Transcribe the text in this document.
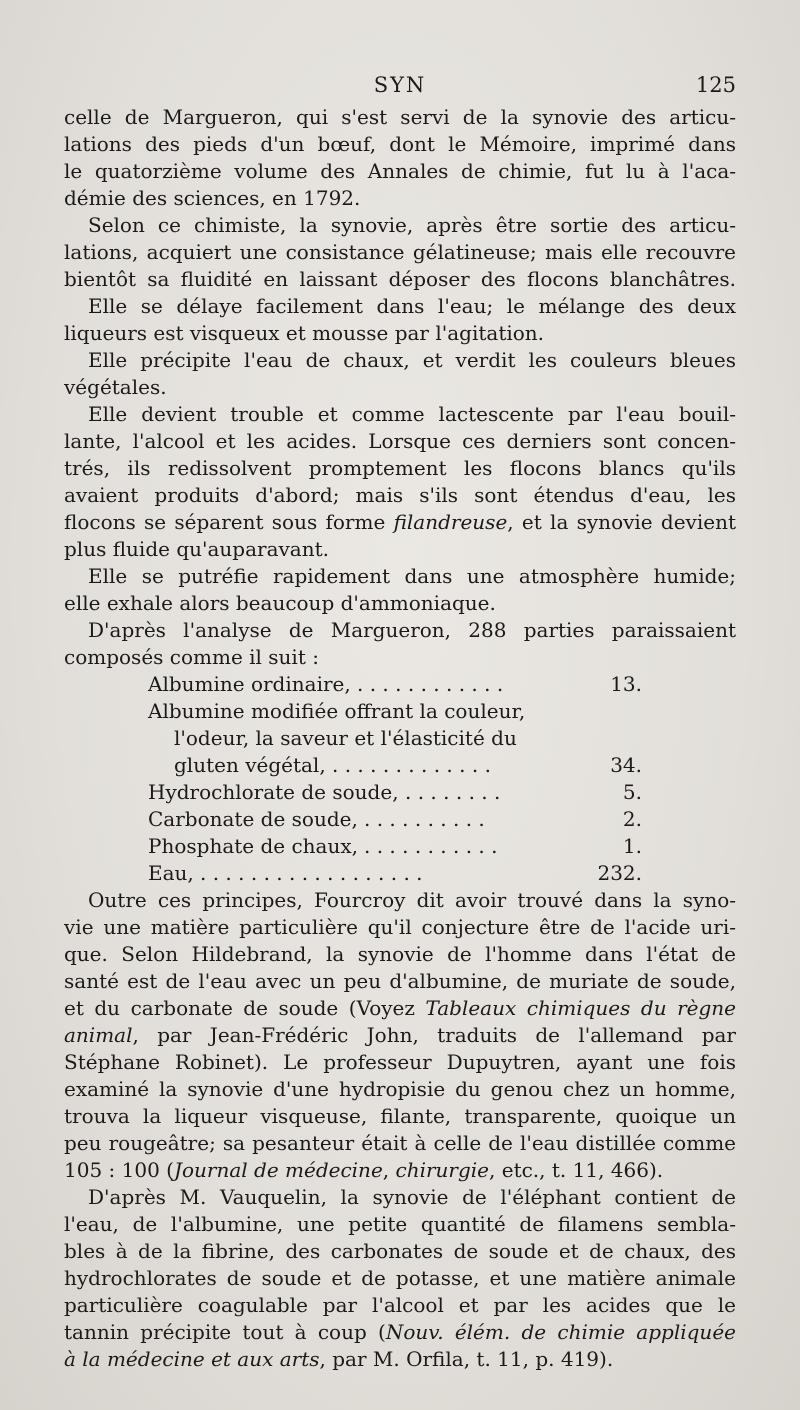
SYN	125
celle de Margueron, qui s'est servi de la synovie des articu-
lations des pieds d'un bœuf, dont le Mémoire, imprimé dans
le quatorzième volume des Annales de chimie, fut lu à l'aca-
démie des sciences, en 1792.
Selon ce chimiste, la synovie, après être sortie des articu-
lations, acquiert une consistance gélatineuse; mais elle recouvre
bientôt sa fluidité en laissant déposer des flocons blanchâtres.
Elle se délaye facilement dans l'eau; le mélange des deux
liqueurs est visqueux et mousse par l'agitation.
Elle précipite l'eau de chaux, et verdit les couleurs bleues
végétales.
Elle devient trouble et comme lactescente par l'eau bouil-
lante, l'alcool et les acides. Lorsque ces derniers sont concen-
trés, ils redissolvent promptement les flocons blancs qu'ils
avaient produits d'abord; mais s'ils sont étendus d'eau, les
flocons se séparent sous forme filandreuse, et la synovie devient
plus fluide qu'auparavant.
Elle se putréfie rapidement dans une atmosphère humide;
elle exhale alors beaucoup d'ammoniaque.
D'après l'analyse de Margueron, 288 parties paraissaient
composés comme il suit :
Albumine ordinaire, . . . . . . . . . . . .	13.
Albumine modifiée offrant la couleur,
l'odeur, la saveur et l'élasticité du
gluten végétal, . . . . . . . . . . . . .	34.
Hydrochlorate de soude, . . . . . . . .	5.
Carbonate de soude, . . . . . . . . . .	2.
Phosphate de chaux, . . . . . . . . . . .	1.
Eau, . . . . . . . . . . . . . . . . . .	232.
Outre ces principes, Fourcroy dit avoir trouvé dans la syno-
vie une matière particulière qu'il conjecture être de l'acide uri-
que. Selon Hildebrand, la synovie de l'homme dans l'état de
santé est de l'eau avec un peu d'albumine, de muriate de soude,
et du carbonate de soude (Voyez Tableaux chimiques du règne
animal, par Jean-Frédéric John, traduits de l'allemand par
Stéphane Robinet). Le professeur Dupuytren, ayant une fois
examiné la synovie d'une hydropisie du genou chez un homme,
trouva la liqueur visqueuse, filante, transparente, quoique un
peu rougeâtre; sa pesanteur était à celle de l'eau distillée comme
105 : 100 (Journal de médecine, chirurgie, etc., t. 11, 466).
D'après M. Vauquelin, la synovie de l'éléphant contient de
l'eau, de l'albumine, une petite quantité de filamens sembla-
bles à de la fibrine, des carbonates de soude et de chaux, des
hydrochlorates de soude et de potasse, et une matière animale
particulière coagulable par l'alcool et par les acides que le
tannin précipite tout à coup (Nouv. élém. de chimie appliquée
à la médecine et aux arts, par M. Orfila, t. 11, p. 419).
